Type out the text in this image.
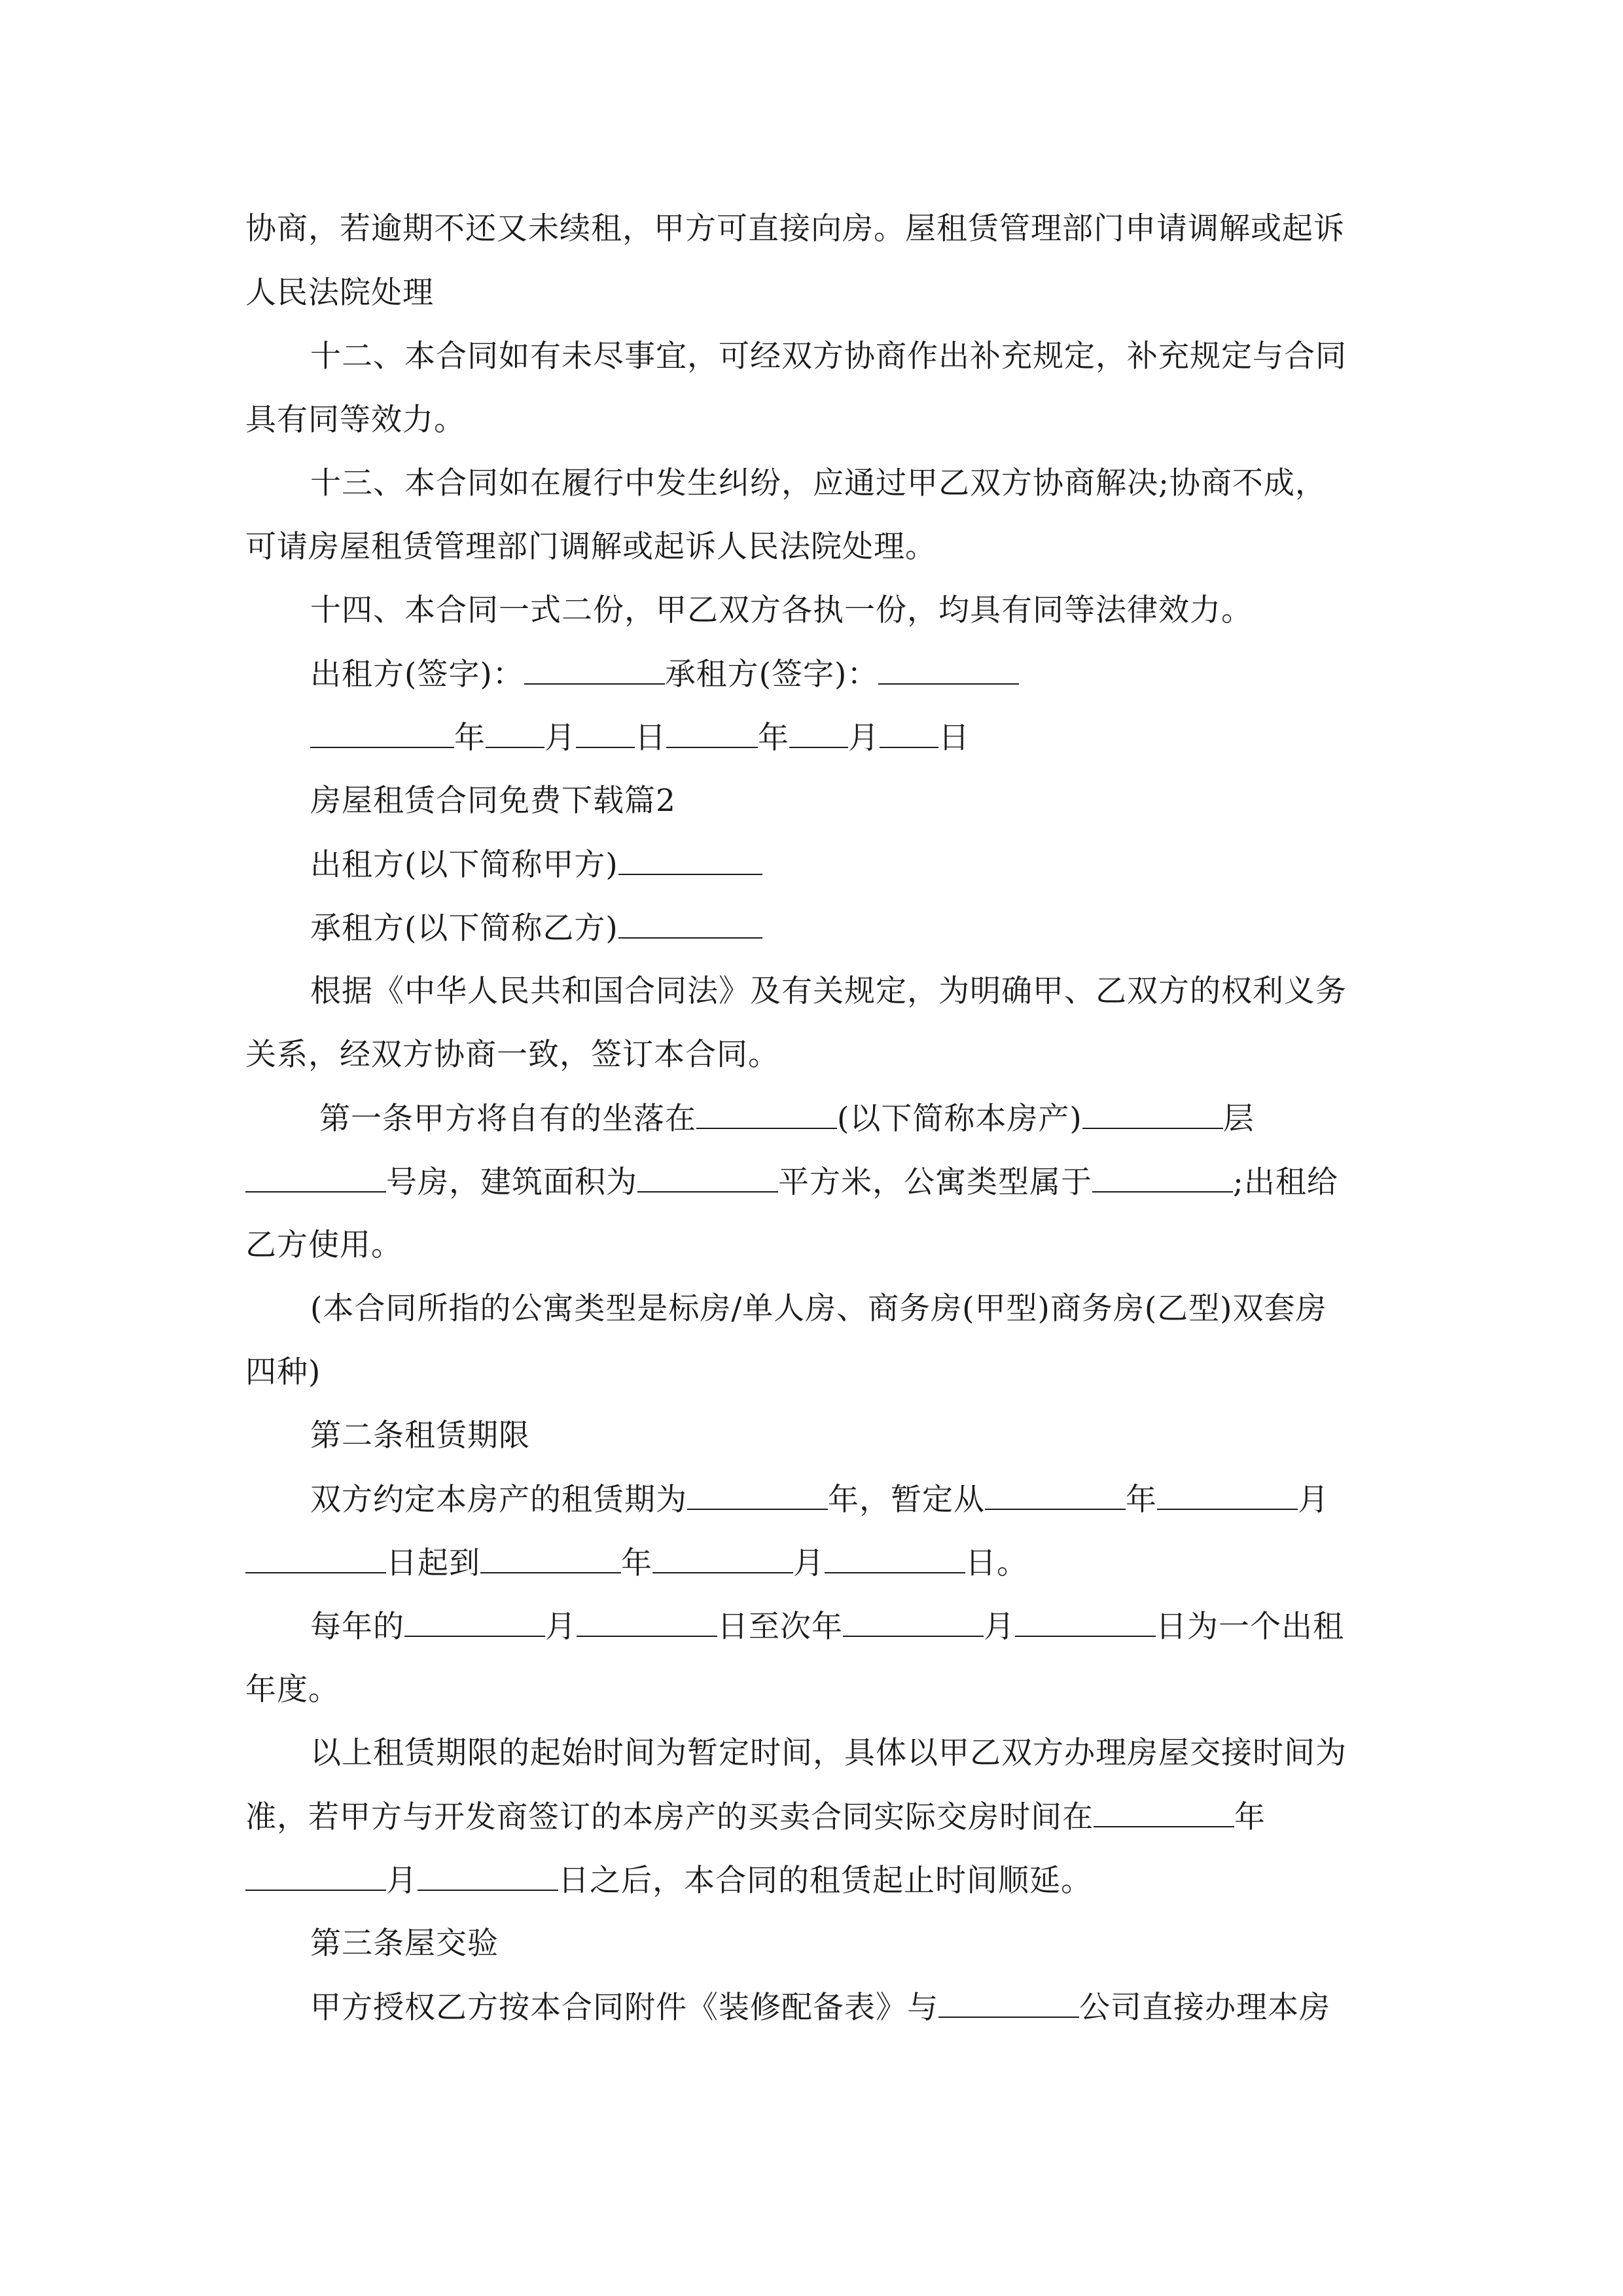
协商，若逾期不还又未续租，甲方可直接向房。屋租赁管理部门申请调解或起诉
人民法院处理
十二、本合同如有未尽事宜，可经双方协商作出补充规定，补充规定与合同
具有同等效力。
十三、本合同如在履行中发生纠纷，应通过甲乙双方协商解决;协商不成，
可请房屋租赁管理部门调解或起诉人民法院处理。
十四、本合同一式二份，甲乙双方各执一份，均具有同等法律效力。
出租方(签字)：	承租方(签字)：
年 月 日	年 月 日
房屋租赁合同免费下载篇2
出租方(以下简称甲方)
承租方(以下简称乙方)
根据《中华人民共和国合同法》及有关规定，为明确甲、乙双方的权利义务
关系，经双方协商一致，签订本合同。
第一条甲方将自有的坐落在	(以下简称本房产)	层
号房，建筑面积为	平方米，公寓类型属于	;出租给
乙方使用。
(本合同所指的公寓类型是标房/单人房、商务房(甲型)商务房(乙型)双套房
四种)
第二条租赁期限
双方约定本房产的租赁期为	年，暂定从	年	月
日起到	年	月	日。
每年的	月	日至次年	月	日为一个出租
年度。
以上租赁期限的起始时间为暂定时间，具体以甲乙双方办理房屋交接时间为
准，若甲方与开发商签订的本房产的买卖合同实际交房时间在	年
月	日之后，本合同的租赁起止时间顺延。
第三条屋交验
甲方授权乙方按本合同附件《装修配备表》与	公司直接办理本房
